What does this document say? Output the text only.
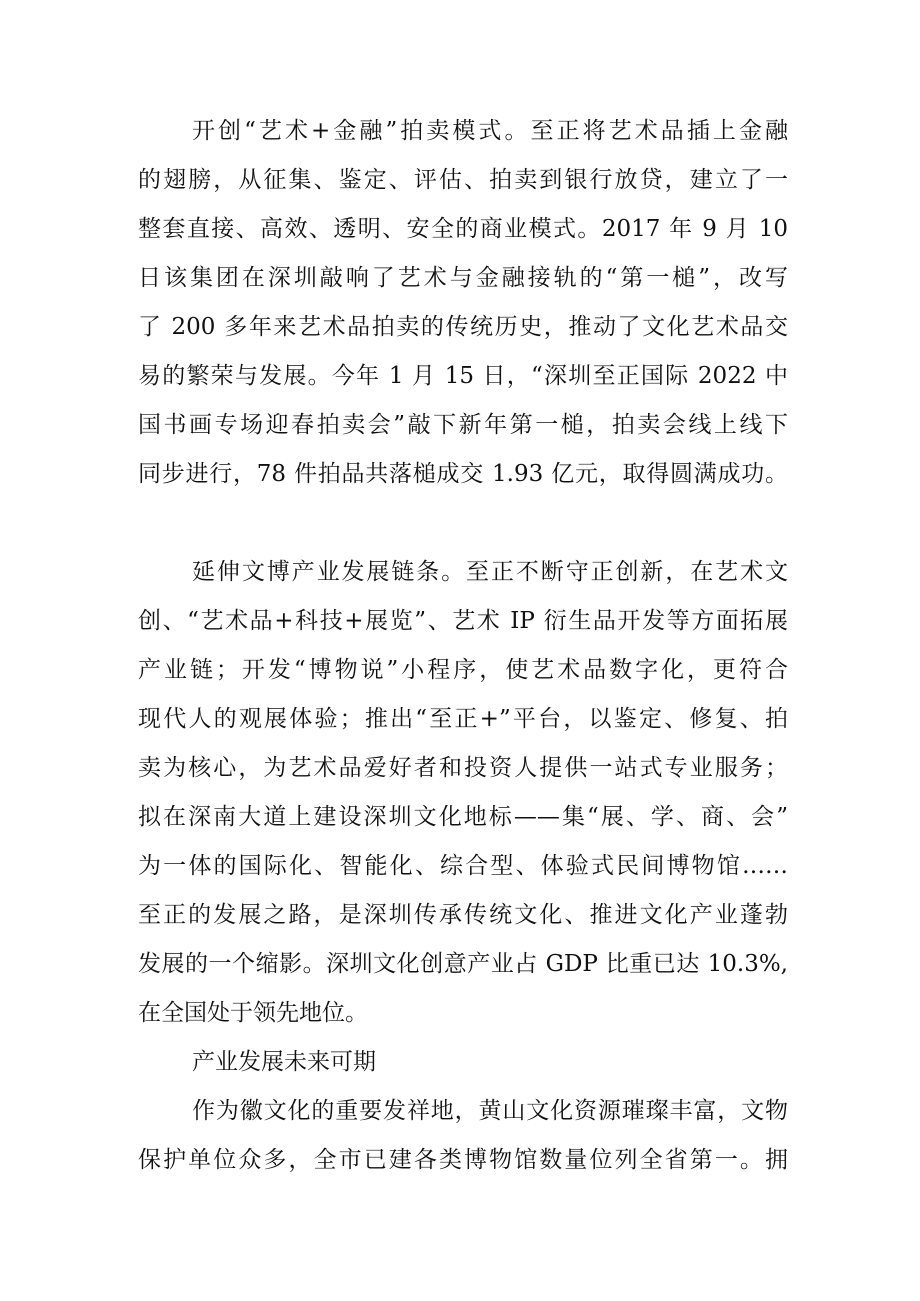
开创“艺术+金融”拍卖模式。至正将艺术品插上金融

的翅膀，从征集、鉴定、评估、拍卖到银行放贷，建立了一

整套直接、高效、透明、安全的商业模式。2017 年 9 月 10

日该集团在深圳敲响了艺术与金融接轨的“第一槌”，改写

了 200 多年来艺术品拍卖的传统历史，推动了文化艺术品交

易的繁荣与发展。今年 1 月 15 日，“深圳至正国际 2022 中

国书画专场迎春拍卖会”敲下新年第一槌，拍卖会线上线下

同步进行，78 件拍品共落槌成交 1.93 亿元，取得圆满成功。

延伸文博产业发展链条。至正不断守正创新，在艺术文

创、“艺术品+科技+展览”、艺术 IP 衍生品开发等方面拓展

产业链；开发“博物说”小程序，使艺术品数字化，更符合

现代人的观展体验；推出“至正+”平台，以鉴定、修复、拍

卖为核心，为艺术品爱好者和投资人提供一站式专业服务；

拟在深南大道上建设深圳文化地标——集“展、学、商、会”

为一体的国际化、智能化、综合型、体验式民间博物馆……

至正的发展之路，是深圳传承传统文化、推进文化产业蓬勃

发展的一个缩影。深圳文化创意产业占 GDP 比重已达 10.3%,

在全国处于领先地位。

产业发展未来可期

作为徽文化的重要发祥地，黄山文化资源璀璨丰富，文物

保护单位众多，全市已建各类博物馆数量位列全省第一。拥
